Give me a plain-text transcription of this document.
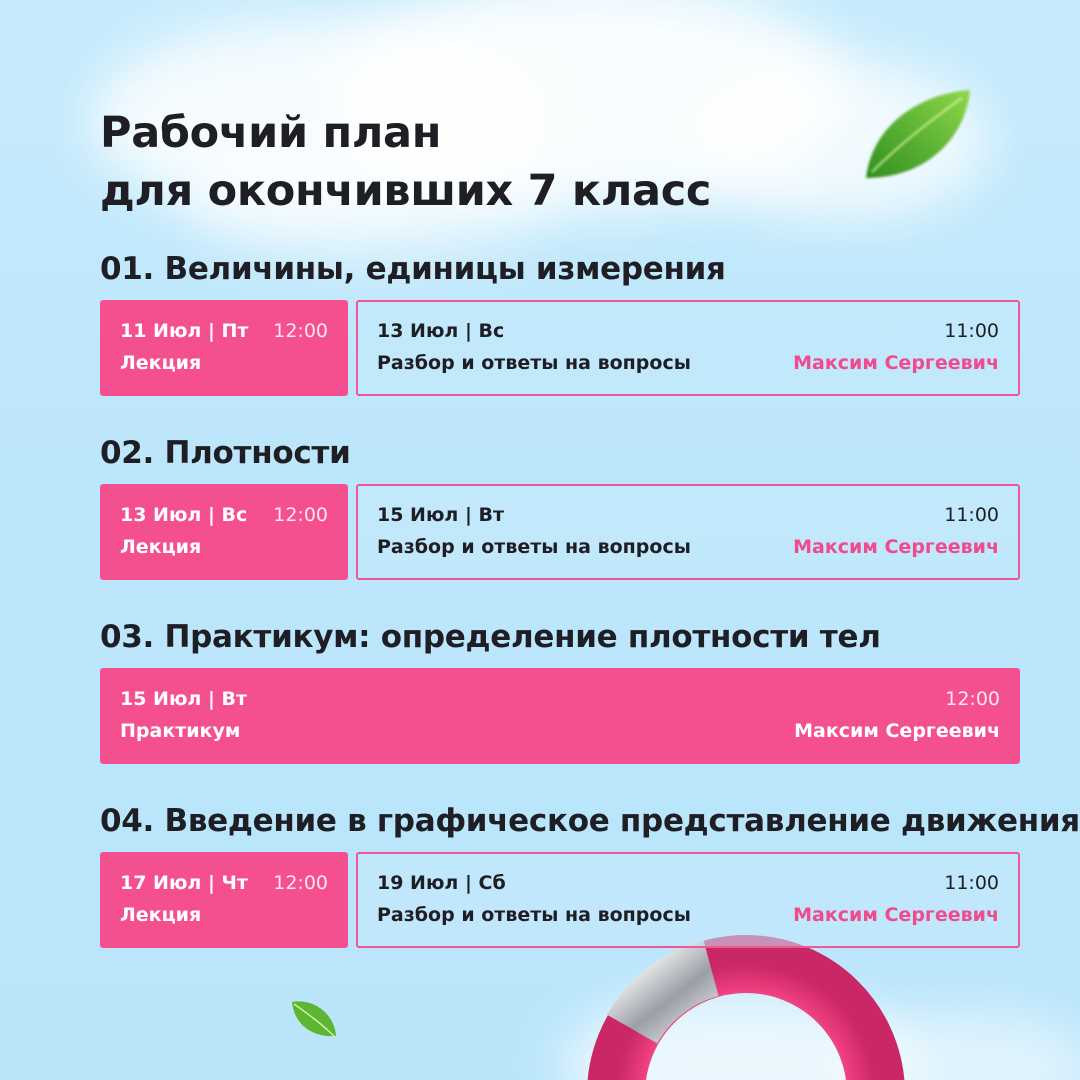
Рабочий план
для окончивших 7 класс
01. Величины, единицы измерения
11 Июл | Пт 12:00
Лекция
13 Июл | Вс	11:00
Разбор и ответы на вопросы	Максим Сергеевич
02. Плотности
13 Июл | Вс 12:00
Лекция
15 Июл | Вт	11:00
Разбор и ответы на вопросы	Максим Сергеевич
03. Практикум: определение плотности тел
15 Июл | Вт	12:00
Практикум	Максим Сергеевич
04. Введение в графическое представление движения
17 Июл | Чт 12:00
Лекция
19 Июл | Сб	11:00
Разбор и ответы на вопросы	Максим Сергеевич
